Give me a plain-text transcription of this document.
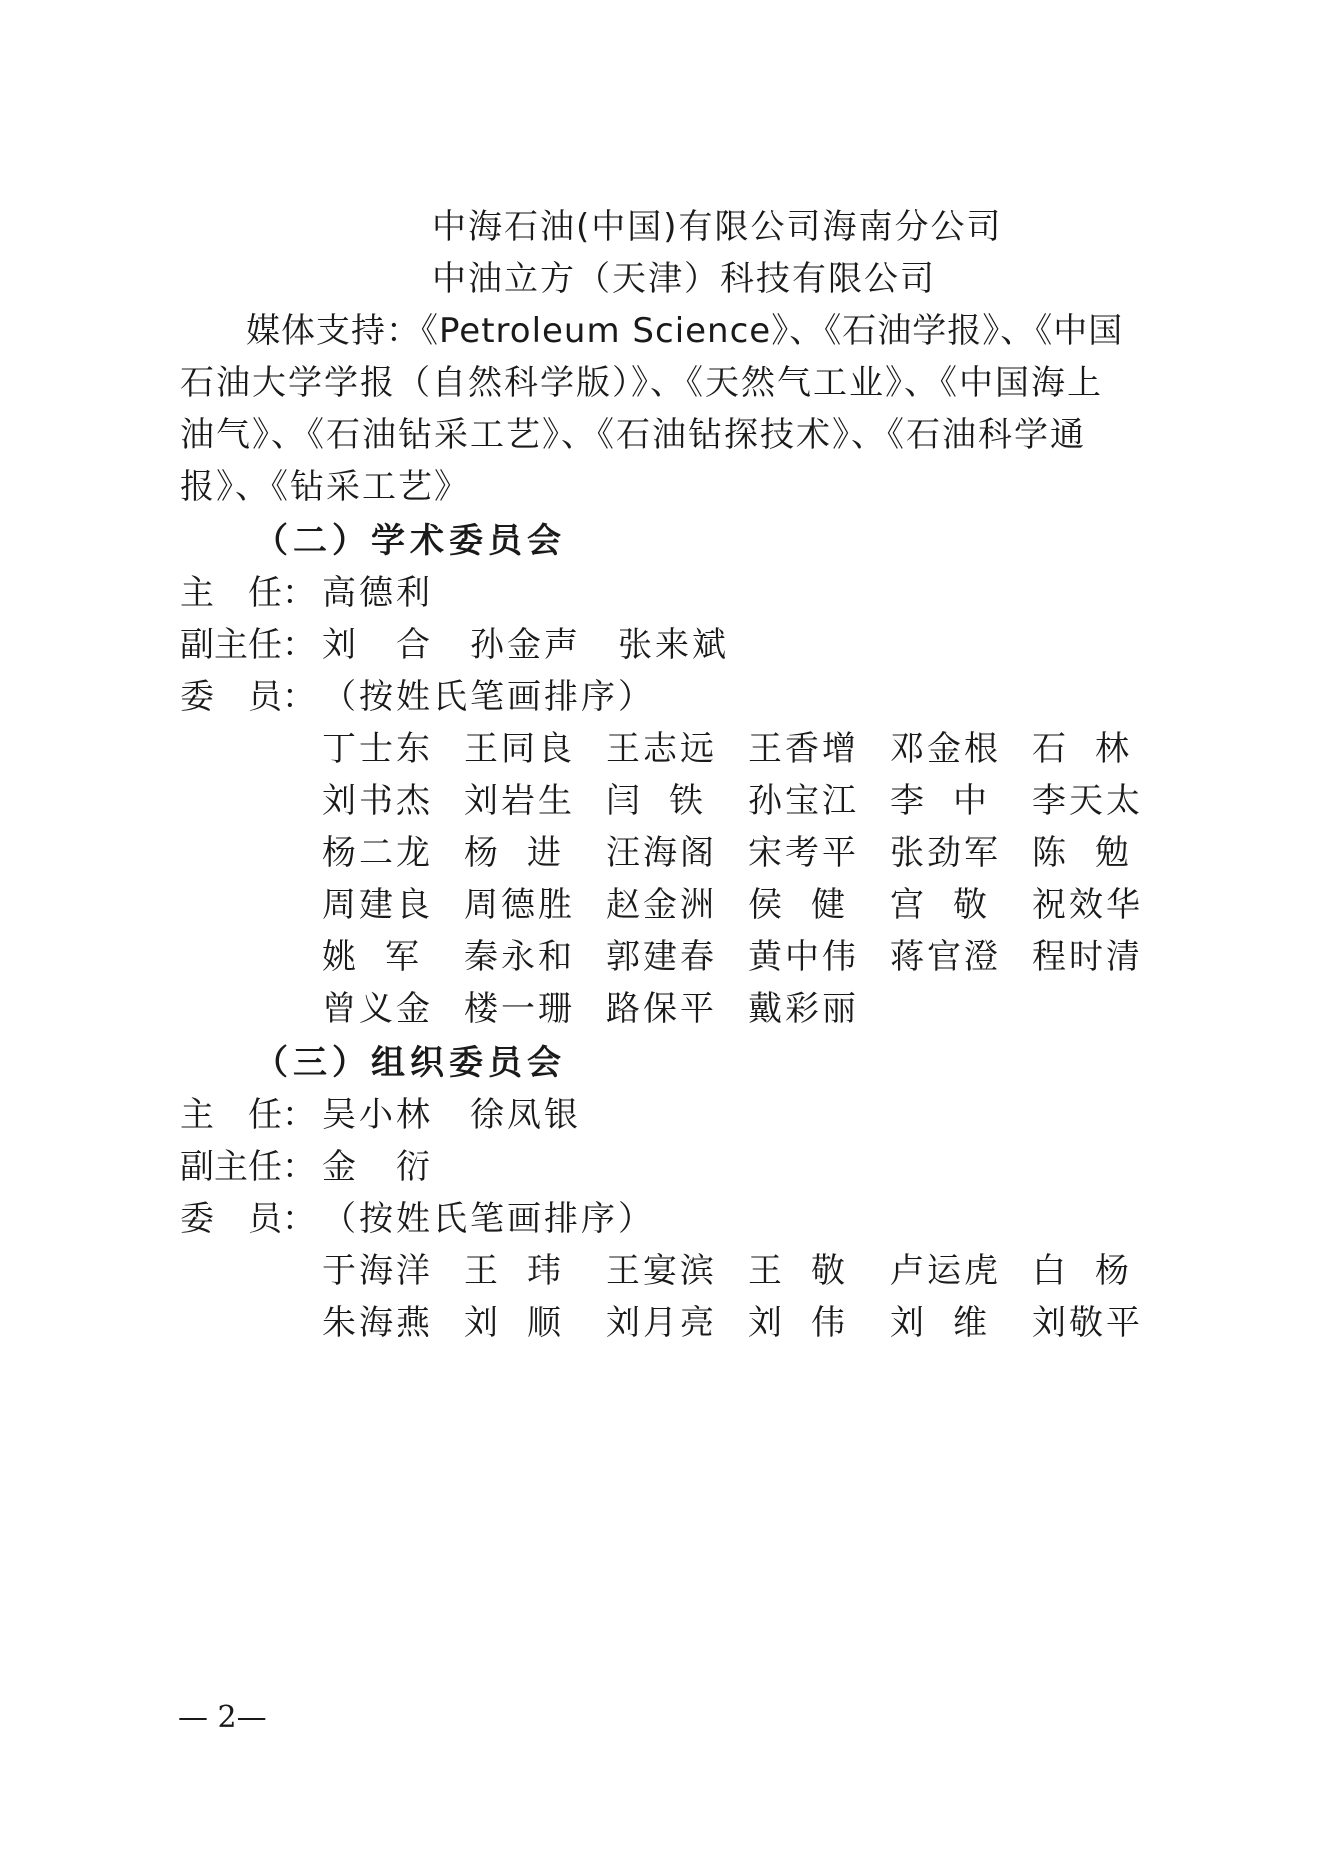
中海石油(中国)有限公司海南分公司
中油立方（天津）科技有限公司
媒体支持：《Petroleum Science》、《石油学报》、《中国
石油大学学报（自然科学版）》、《天然气工业》、《中国海上
油气》、《石油钻采工艺》、《石油钻探技术》、《石油科学通
报》、《钻采工艺》
（二）学术委员会
主　任： 高德利
副主任： 刘　合　孙金声　张来斌
委　员： （按姓氏笔画排序）
丁 士 东 王 同 良 王 志 远 王 香 增 邓 金 根 石 林
刘 书 杰 刘 岩 生 闫 铁 孙 宝 江 李 中 李 天 太
杨 二 龙 杨 进 汪 海 阁 宋 考 平 张 劲 军 陈 勉
周 建 良 周 德 胜 赵 金 洲 侯 健 宫 敬 祝 效 华
姚 军 秦 永 和 郭 建 春 黄 中 伟 蒋 官 澄 程 时 清
曾 义 金 楼 一 珊 路 保 平 戴 彩 丽
（三）组织委员会
主　任： 吴小林　徐凤银
副主任： 金　衍
委　员： （按姓氏笔画排序）
于 海 洋 王 玮 王 宴 滨 王 敬 卢 运 虎 白 杨
朱 海 燕 刘 顺 刘 月 亮 刘 伟 刘 维 刘 敬 平
— 2—
